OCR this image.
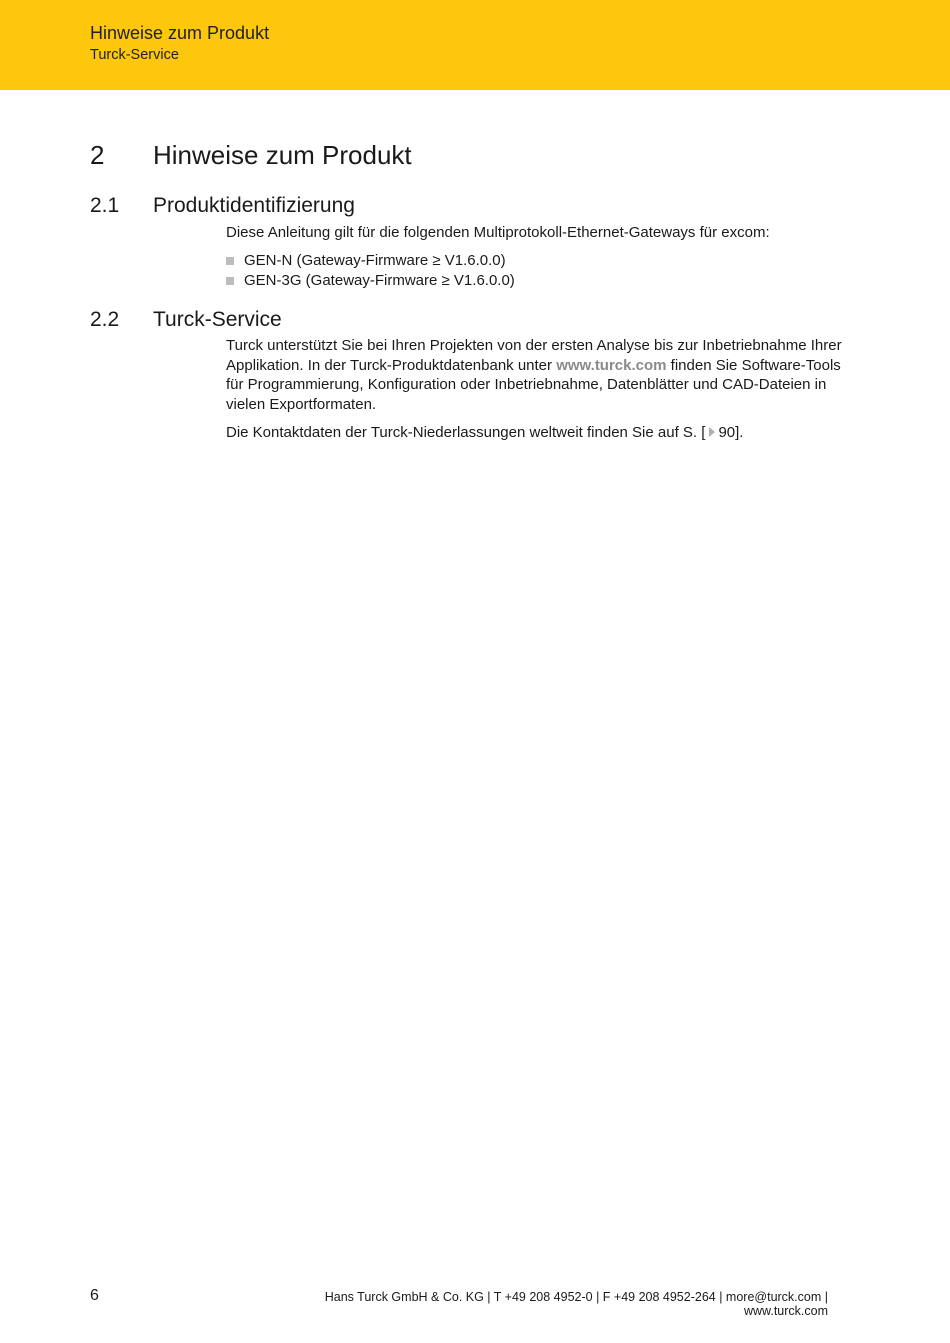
Hinweise zum Produkt
Turck-Service
2 Hinweise zum Produkt
2.1 Produktidentifizierung

Diese Anleitung gilt für die folgenden Multiprotokoll-Ethernet-Gateways für excom:

GEN-N (Gateway-Firmware ≥ V1.6.0.0)
GEN-3G (Gateway-Firmware ≥ V1.6.0.0)
2.2 Turck-Service

Turck unterstützt Sie bei Ihren Projekten von der ersten Analyse bis zur Inbetriebnahme Ihrer Applikation. In der Turck-Produktdatenbank unter www.turck.com finden Sie Software-Tools für Programmierung, Konfiguration oder Inbetriebnahme, Datenblätter und CAD-Dateien in vielen Exportformaten.

Die Kontaktdaten der Turck-Niederlassungen weltweit finden Sie auf S. [ 90].

6	Hans Turck GmbH & Co. KG | T +49 208 4952-0 | F +49 208 4952-264 | more@turck.com | www.turck.com
